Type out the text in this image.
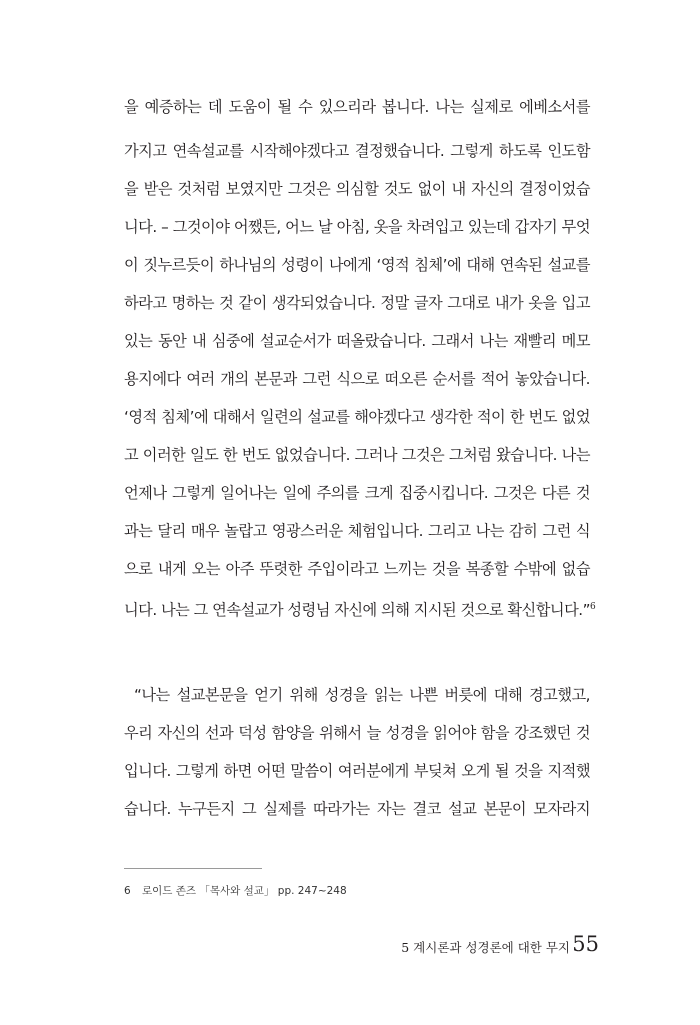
을 예증하는 데 도움이 될 수 있으리라 봅니다. 나는 실제로 에베소서를
가지고 연속설교를 시작해야겠다고 결정했습니다. 그렇게 하도록 인도함
을 받은 것처럼 보였지만 그것은 의심할 것도 없이 내 자신의 결정이었습
니다. – 그것이야 어쨌든, 어느 날 아침, 옷을 차려입고 있는데 갑자기 무엇
이 짓누르듯이 하나님의 성령이 나에게 ‘영적 침체’에 대해 연속된 설교를
하라고 명하는 것 같이 생각되었습니다. 정말 글자 그대로 내가 옷을 입고
있는 동안 내 심중에 설교순서가 떠올랐습니다. 그래서 나는 재빨리 메모
용지에다 여러 개의 본문과 그런 식으로 떠오른 순서를 적어 놓았습니다.
‘영적 침체’에 대해서 일련의 설교를 해야겠다고 생각한 적이 한 번도 없었
고 이러한 일도 한 번도 없었습니다. 그러나 그것은 그처럼 왔습니다. 나는
언제나 그렇게 일어나는 일에 주의를 크게 집중시킵니다. 그것은 다른 것
과는 달리 매우 놀랍고 영광스러운 체험입니다. 그리고 나는 감히 그런 식
으로 내게 오는 아주 뚜렷한 주입이라고 느끼는 것을 복종할 수밖에 없습
니다. 나는 그 연속설교가 성령님 자신에 의해 지시된 것으로 확신합니다.”$^6$
“나는 설교본문을 얻기 위해 성경을 읽는 나쁜 버릇에 대해 경고했고,
우리 자신의 선과 덕성 함양을 위해서 늘 성경을 읽어야 함을 강조했던 것
입니다. 그렇게 하면 어떤 말씀이 여러분에게 부딪쳐 오게 될 것을 지적했
습니다. 누구든지 그 실제를 따라가는 자는 결코 설교 본문이 모자라지
6 로이드 존즈 「목사와 설교」 pp. 247~248
5 계시론과 성경론에 대한 무지 55
